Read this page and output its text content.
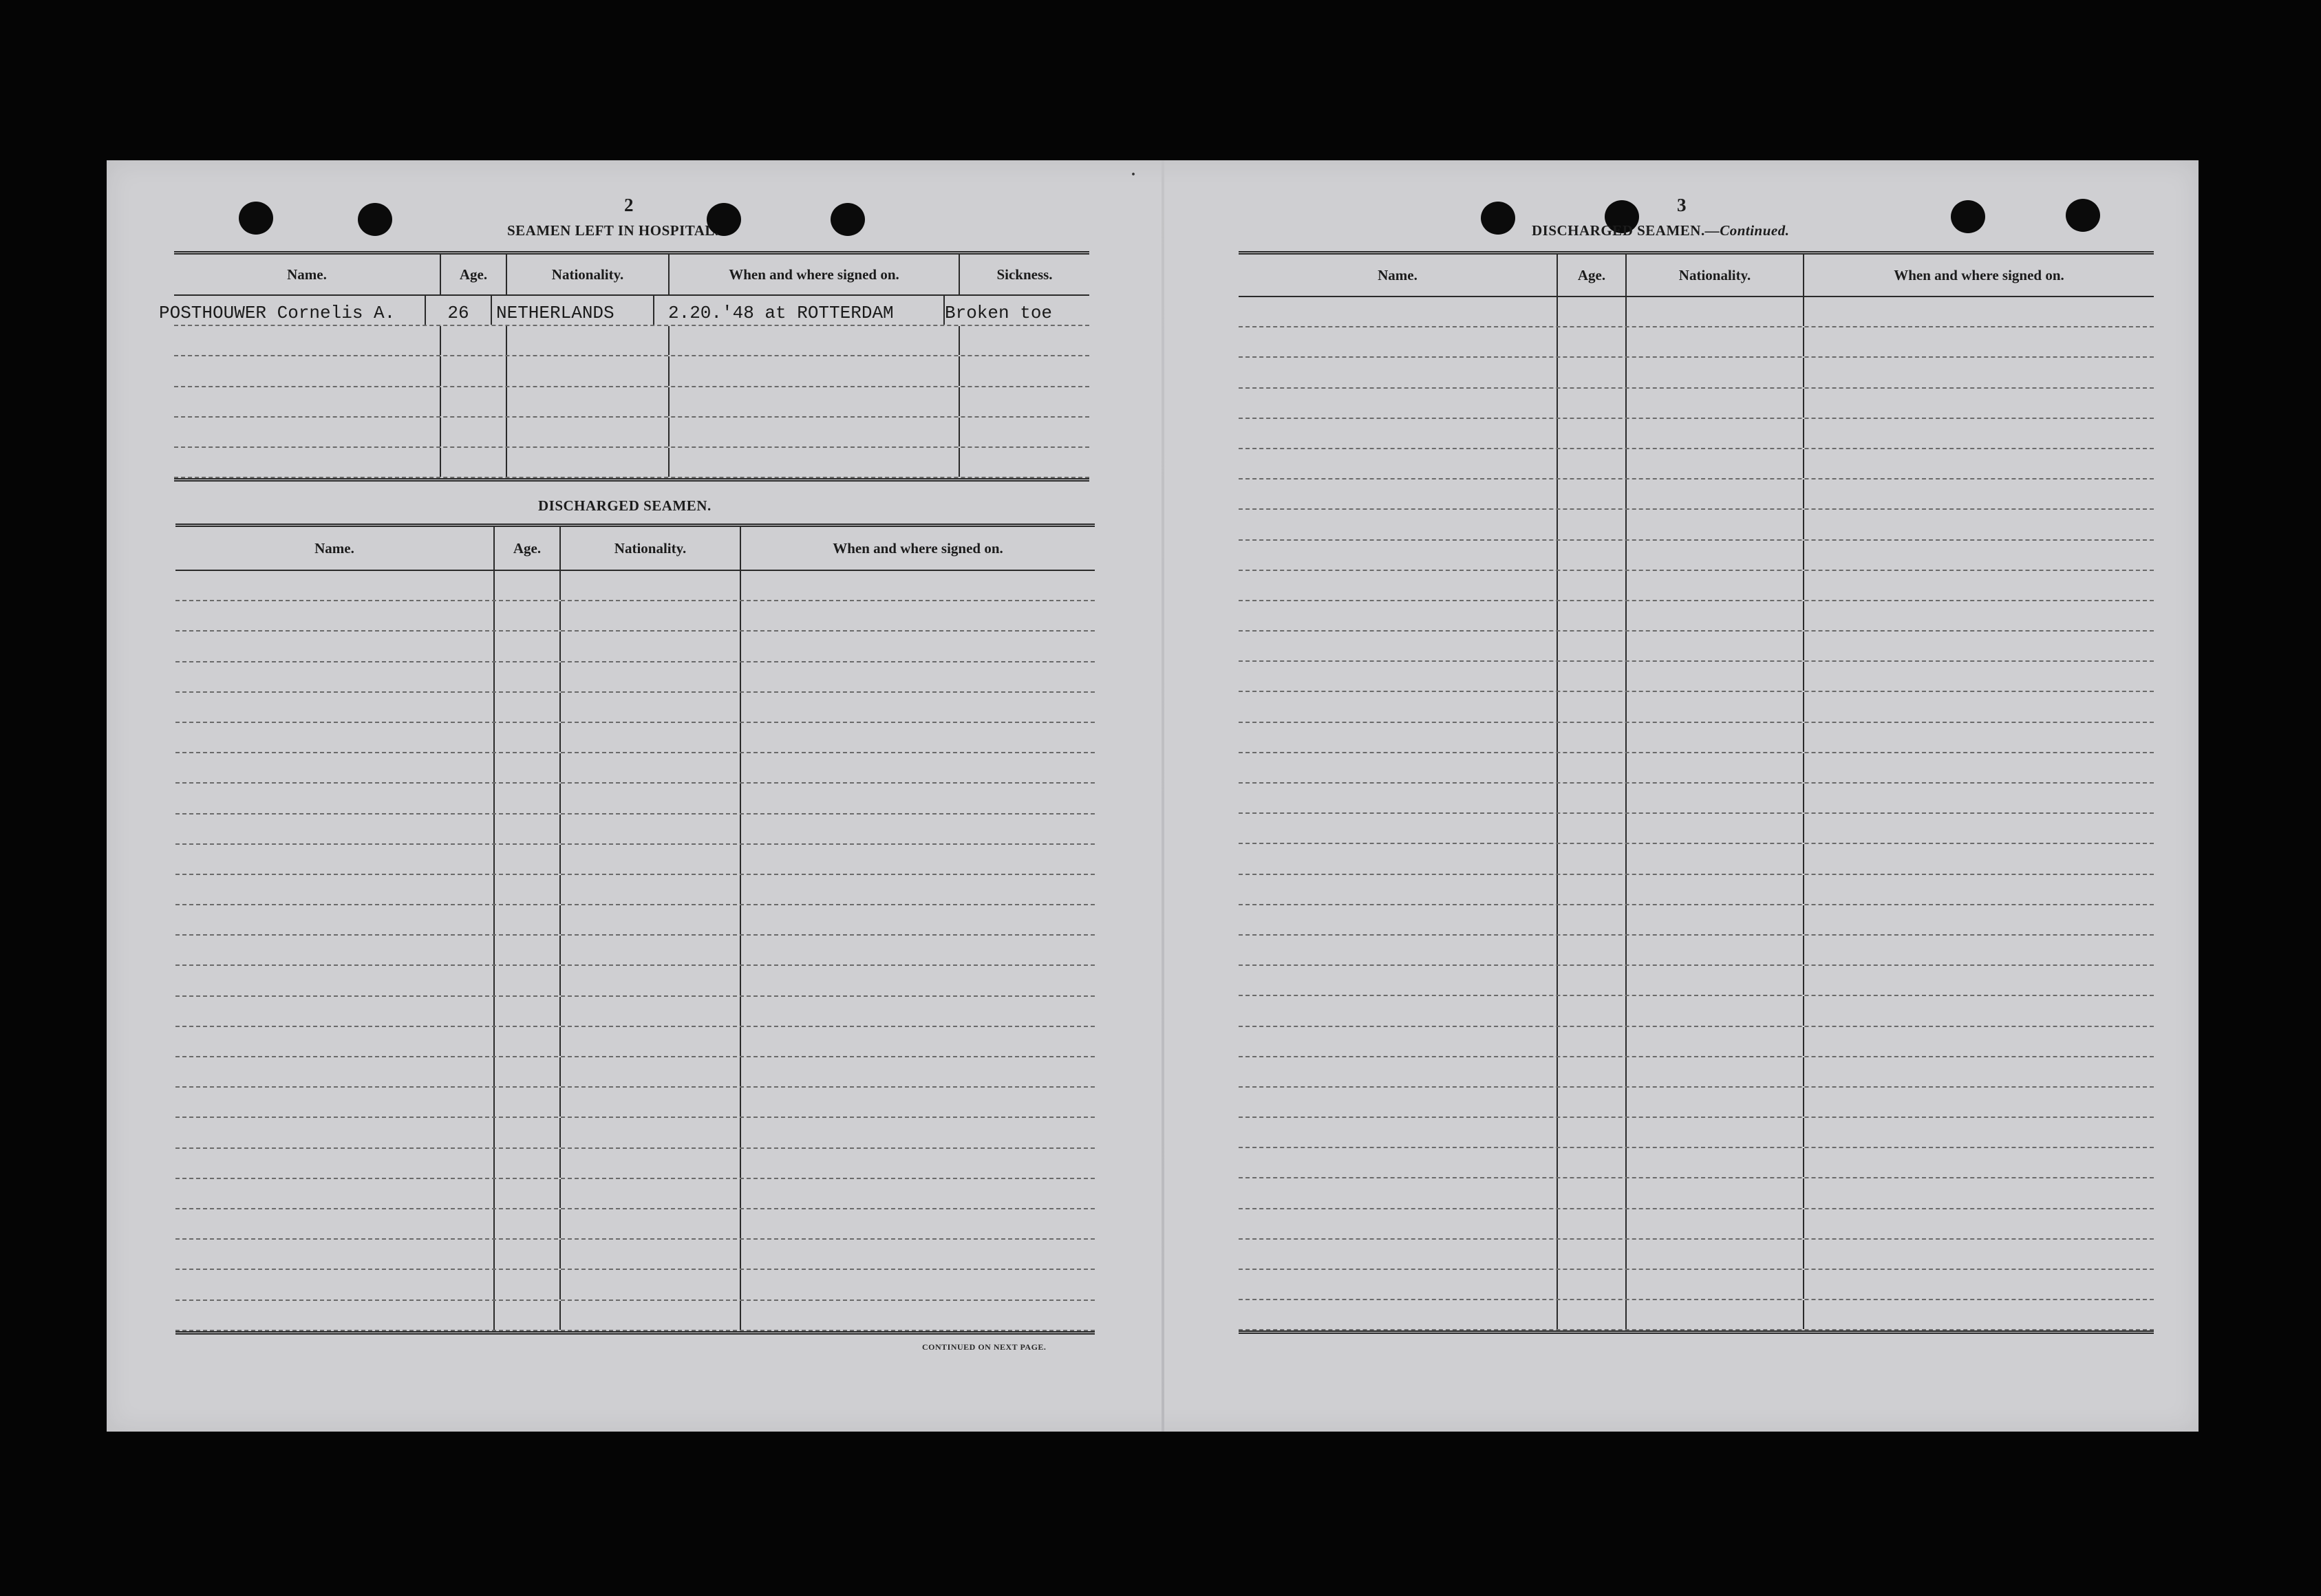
2
SEAMEN LEFT IN HOSPITAL.
Name.	Age.	Nationality.	When and where signed on.	Sickness.
POSTHOUWER Cornelis A.	26	NETHERLANDS	2.20.'48 at ROTTERDAM	Broken toe
DISCHARGED SEAMEN.
Name.	Age.	Nationality.	When and where signed on.
CONTINUED ON NEXT PAGE.
·
3
DISCHARGED SEAMEN.—Continued.
Name.	Age.	Nationality.	When and where signed on.
